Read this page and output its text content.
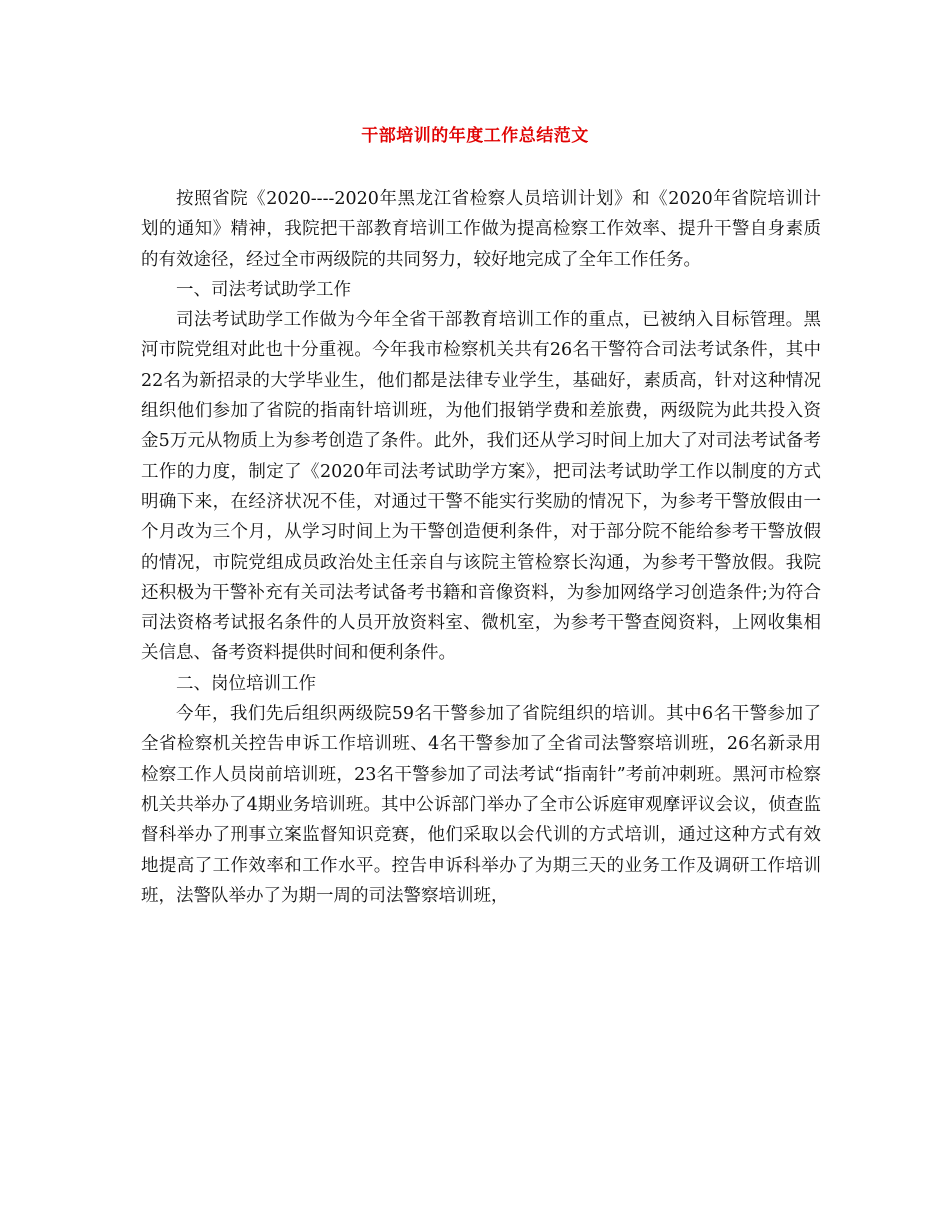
干部培训的年度工作总结范文

按照省院《2020----2020年黑龙江省检察人员培训计划》和《2020年省院培训计划的通知》精神，我院把干部教育培训工作做为提高检察工作效率、提升干警自身素质的有效途径，经过全市两级院的共同努力，较好地完成了全年工作任务。

一、司法考试助学工作

司法考试助学工作做为今年全省干部教育培训工作的重点，已被纳入目标管理。黑河市院党组对此也十分重视。今年我市检察机关共有26名干警符合司法考试条件，其中22名为新招录的大学毕业生，他们都是法律专业学生，基础好，素质高，针对这种情况组织他们参加了省院的指南针培训班，为他们报销学费和差旅费，两级院为此共投入资金5万元从物质上为参考创造了条件。此外，我们还从学习时间上加大了对司法考试备考工作的力度，制定了《2020年司法考试助学方案》，把司法考试助学工作以制度的方式明确下来，在经济状况不佳，对通过干警不能实行奖励的情况下，为参考干警放假由一个月改为三个月，从学习时间上为干警创造便利条件，对于部分院不能给参考干警放假的情况，市院党组成员政治处主任亲自与该院主管检察长沟通，为参考干警放假。我院还积极为干警补充有关司法考试备考书籍和音像资料，为参加网络学习创造条件;为符合司法资格考试报名条件的人员开放资料室、微机室，为参考干警查阅资料，上网收集相关信息、备考资料提供时间和便利条件。

二、岗位培训工作

今年，我们先后组织两级院59名干警参加了省院组织的培训。其中6名干警参加了全省检察机关控告申诉工作培训班、4名干警参加了全省司法警察培训班，26名新录用检察工作人员岗前培训班，23名干警参加了司法考试“指南针”考前冲刺班。黑河市检察机关共举办了4期业务培训班。其中公诉部门举办了全市公诉庭审观摩评议会议，侦查监督科举办了刑事立案监督知识竞赛，他们采取以会代训的方式培训，通过这种方式有效地提高了工作效率和工作水平。控告申诉科举办了为期三天的业务工作及调研工作培训班，法警队举办了为期一周的司法警察培训班，
